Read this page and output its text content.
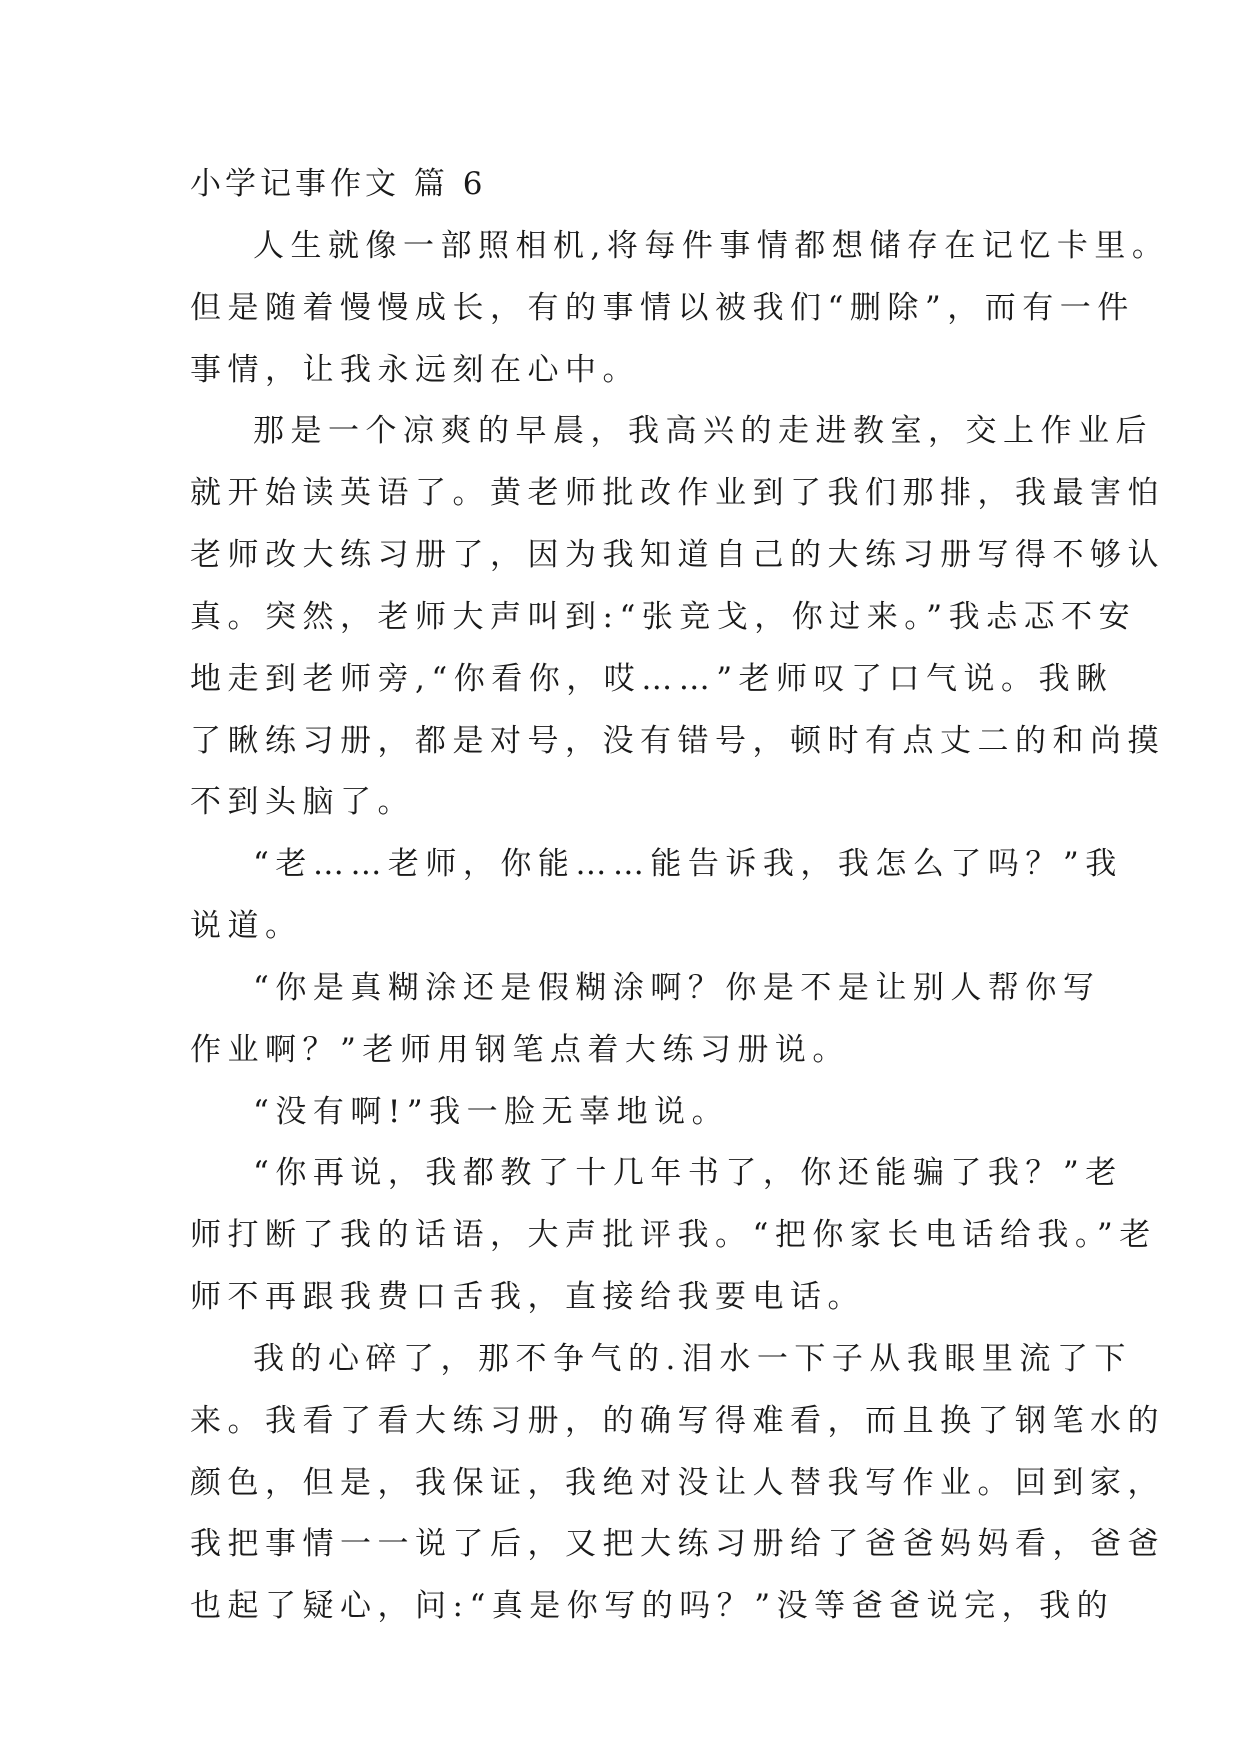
小学记事作文 篇 6

人生就像一部照相机,将每件事情都想储存在记忆卡里。

但是随着慢慢成长，有的事情以被我们“删除”，而有一件

事情，让我永远刻在心中。

那是一个凉爽的早晨，我高兴的走进教室，交上作业后

就开始读英语了。黄老师批改作业到了我们那排，我最害怕

老师改大练习册了，因为我知道自己的大练习册写得不够认

真。突然，老师大声叫到:“张竞戈，你过来。”我忐忑不安

地走到老师旁,“你看你，哎……”老师叹了口气说。我瞅

了瞅练习册，都是对号，没有错号，顿时有点丈二的和尚摸

不到头脑了。

“老……老师，你能……能告诉我，我怎么了吗？”我

说道。

“你是真糊涂还是假糊涂啊？你是不是让别人帮你写

作业啊？”老师用钢笔点着大练习册说。

“没有啊!”我一脸无辜地说。

“你再说，我都教了十几年书了，你还能骗了我？”老

师打断了我的话语，大声批评我。“把你家长电话给我。”老

师不再跟我费口舌我，直接给我要电话。

我的心碎了，那不争气的.泪水一下子从我眼里流了下

来。我看了看大练习册，的确写得难看，而且换了钢笔水的

颜色，但是，我保证，我绝对没让人替我写作业。回到家，

我把事情一一说了后，又把大练习册给了爸爸妈妈看，爸爸

也起了疑心，问:“真是你写的吗？”没等爸爸说完，我的
